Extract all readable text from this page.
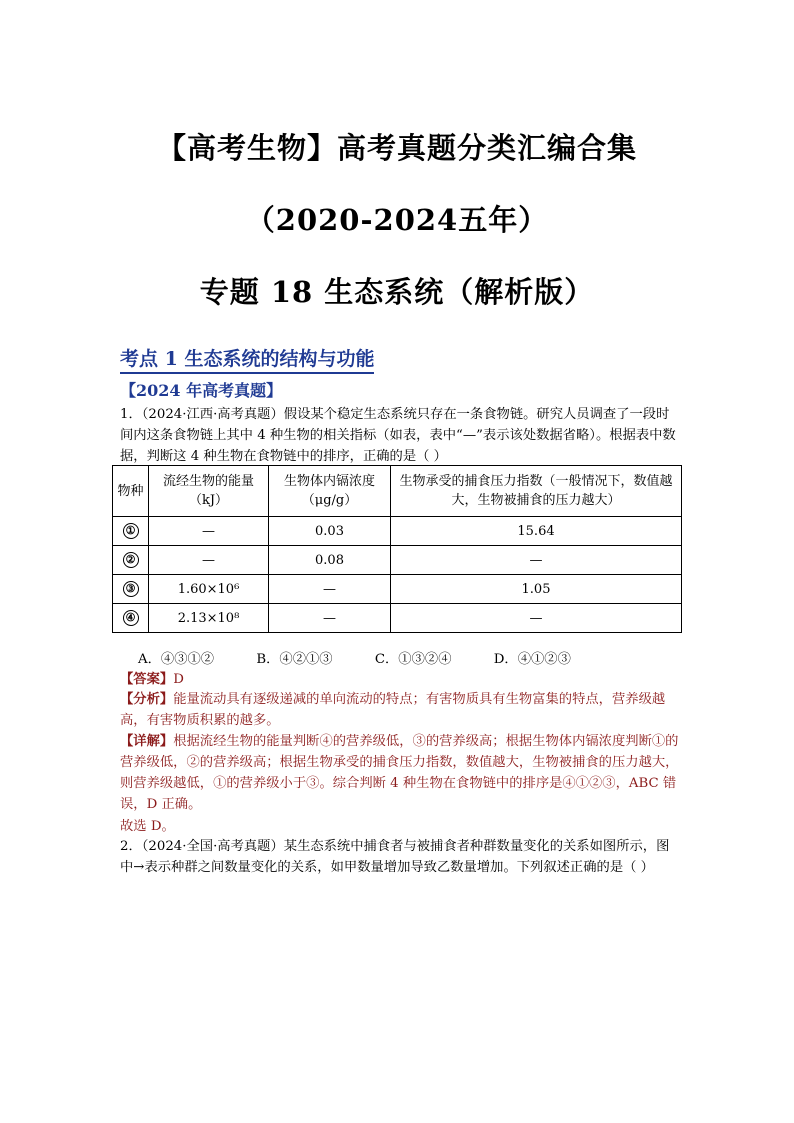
【高考生物】高考真题分类汇编合集
（2020-2024五年）
专题 18 生态系统（解析版）
考点 1 生态系统的结构与功能
【2024 年高考真题】
1．（2024·江西·高考真题）假设某个稳定生态系统只存在一条食物链。研究人员调查了一段时间内这条食物链上其中 4 种生物的相关指标（如表，表中“—”表示该处数据省略）。根据表中数据，判断这 4 种生物在食物链中的排序，正确的是（ ）
物种	流经生物的能量（kJ）	生物体内镉浓度（μg/g）	生物承受的捕食压力指数（一般情况下，数值越大，生物被捕食的压力越大）
①	—	0.03	15.64
②	—	0.08	—
③	1.60×10⁶	—	1.05
④	2.13×10⁸	—	—
A．④③①②	B．④②①③	C．①③②④	D．④①②③
【答案】D
【分析】能量流动具有逐级递减的单向流动的特点；有害物质具有生物富集的特点，营养级越高，有害物质积累的越多。
【详解】根据流经生物的能量判断④的营养级低，③的营养级高；根据生物体内镉浓度判断①的营养级低，②的营养级高；根据生物承受的捕食压力指数，数值越大，生物被捕食的压力越大，则营养级越低，①的营养级小于③。综合判断 4 种生物在食物链中的排序是④①②③，ABC 错误，D 正确。
故选 D。
2．（2024·全国·高考真题）某生态系统中捕食者与被捕食者种群数量变化的关系如图所示，图中→表示种群之间数量变化的关系，如甲数量增加导致乙数量增加。下列叙述正确的是（ ）
